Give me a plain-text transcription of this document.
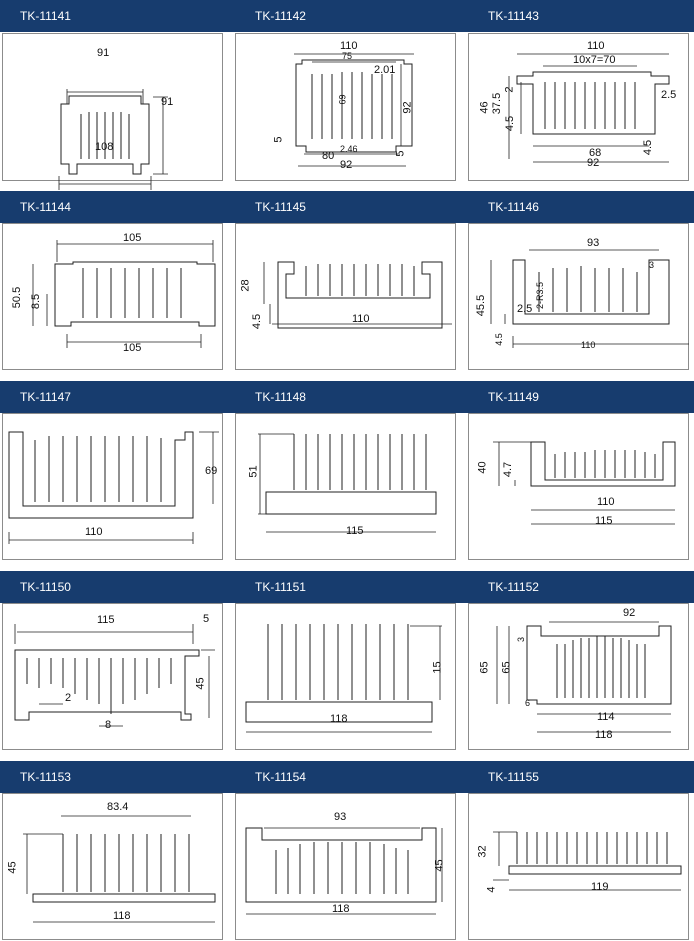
TK-11141	TK-11142	TK-11143
91
91
108
110
75
2.01
69
92
5
2.46
80	5
92
110
10x7=70
2
46 37.5
4.5
2.5
68	4.5
92
TK-11144	TK-11145	TK-11146
105
50.5 8.5
105
28
4.5	110
93
3
45.5	2-R3.5
2.5
4.5	110
TK-11147	TK-11148	TK-11149
69
110
51
115
40 4.7
110
115
TK-11150	TK-11151	TK-11152
115	5
45
2
8
15
118
92
3
65 65
6
114
118
TK-11153	TK-11154	TK-11155
83.4
45
118
93
45
118
32
4	119
